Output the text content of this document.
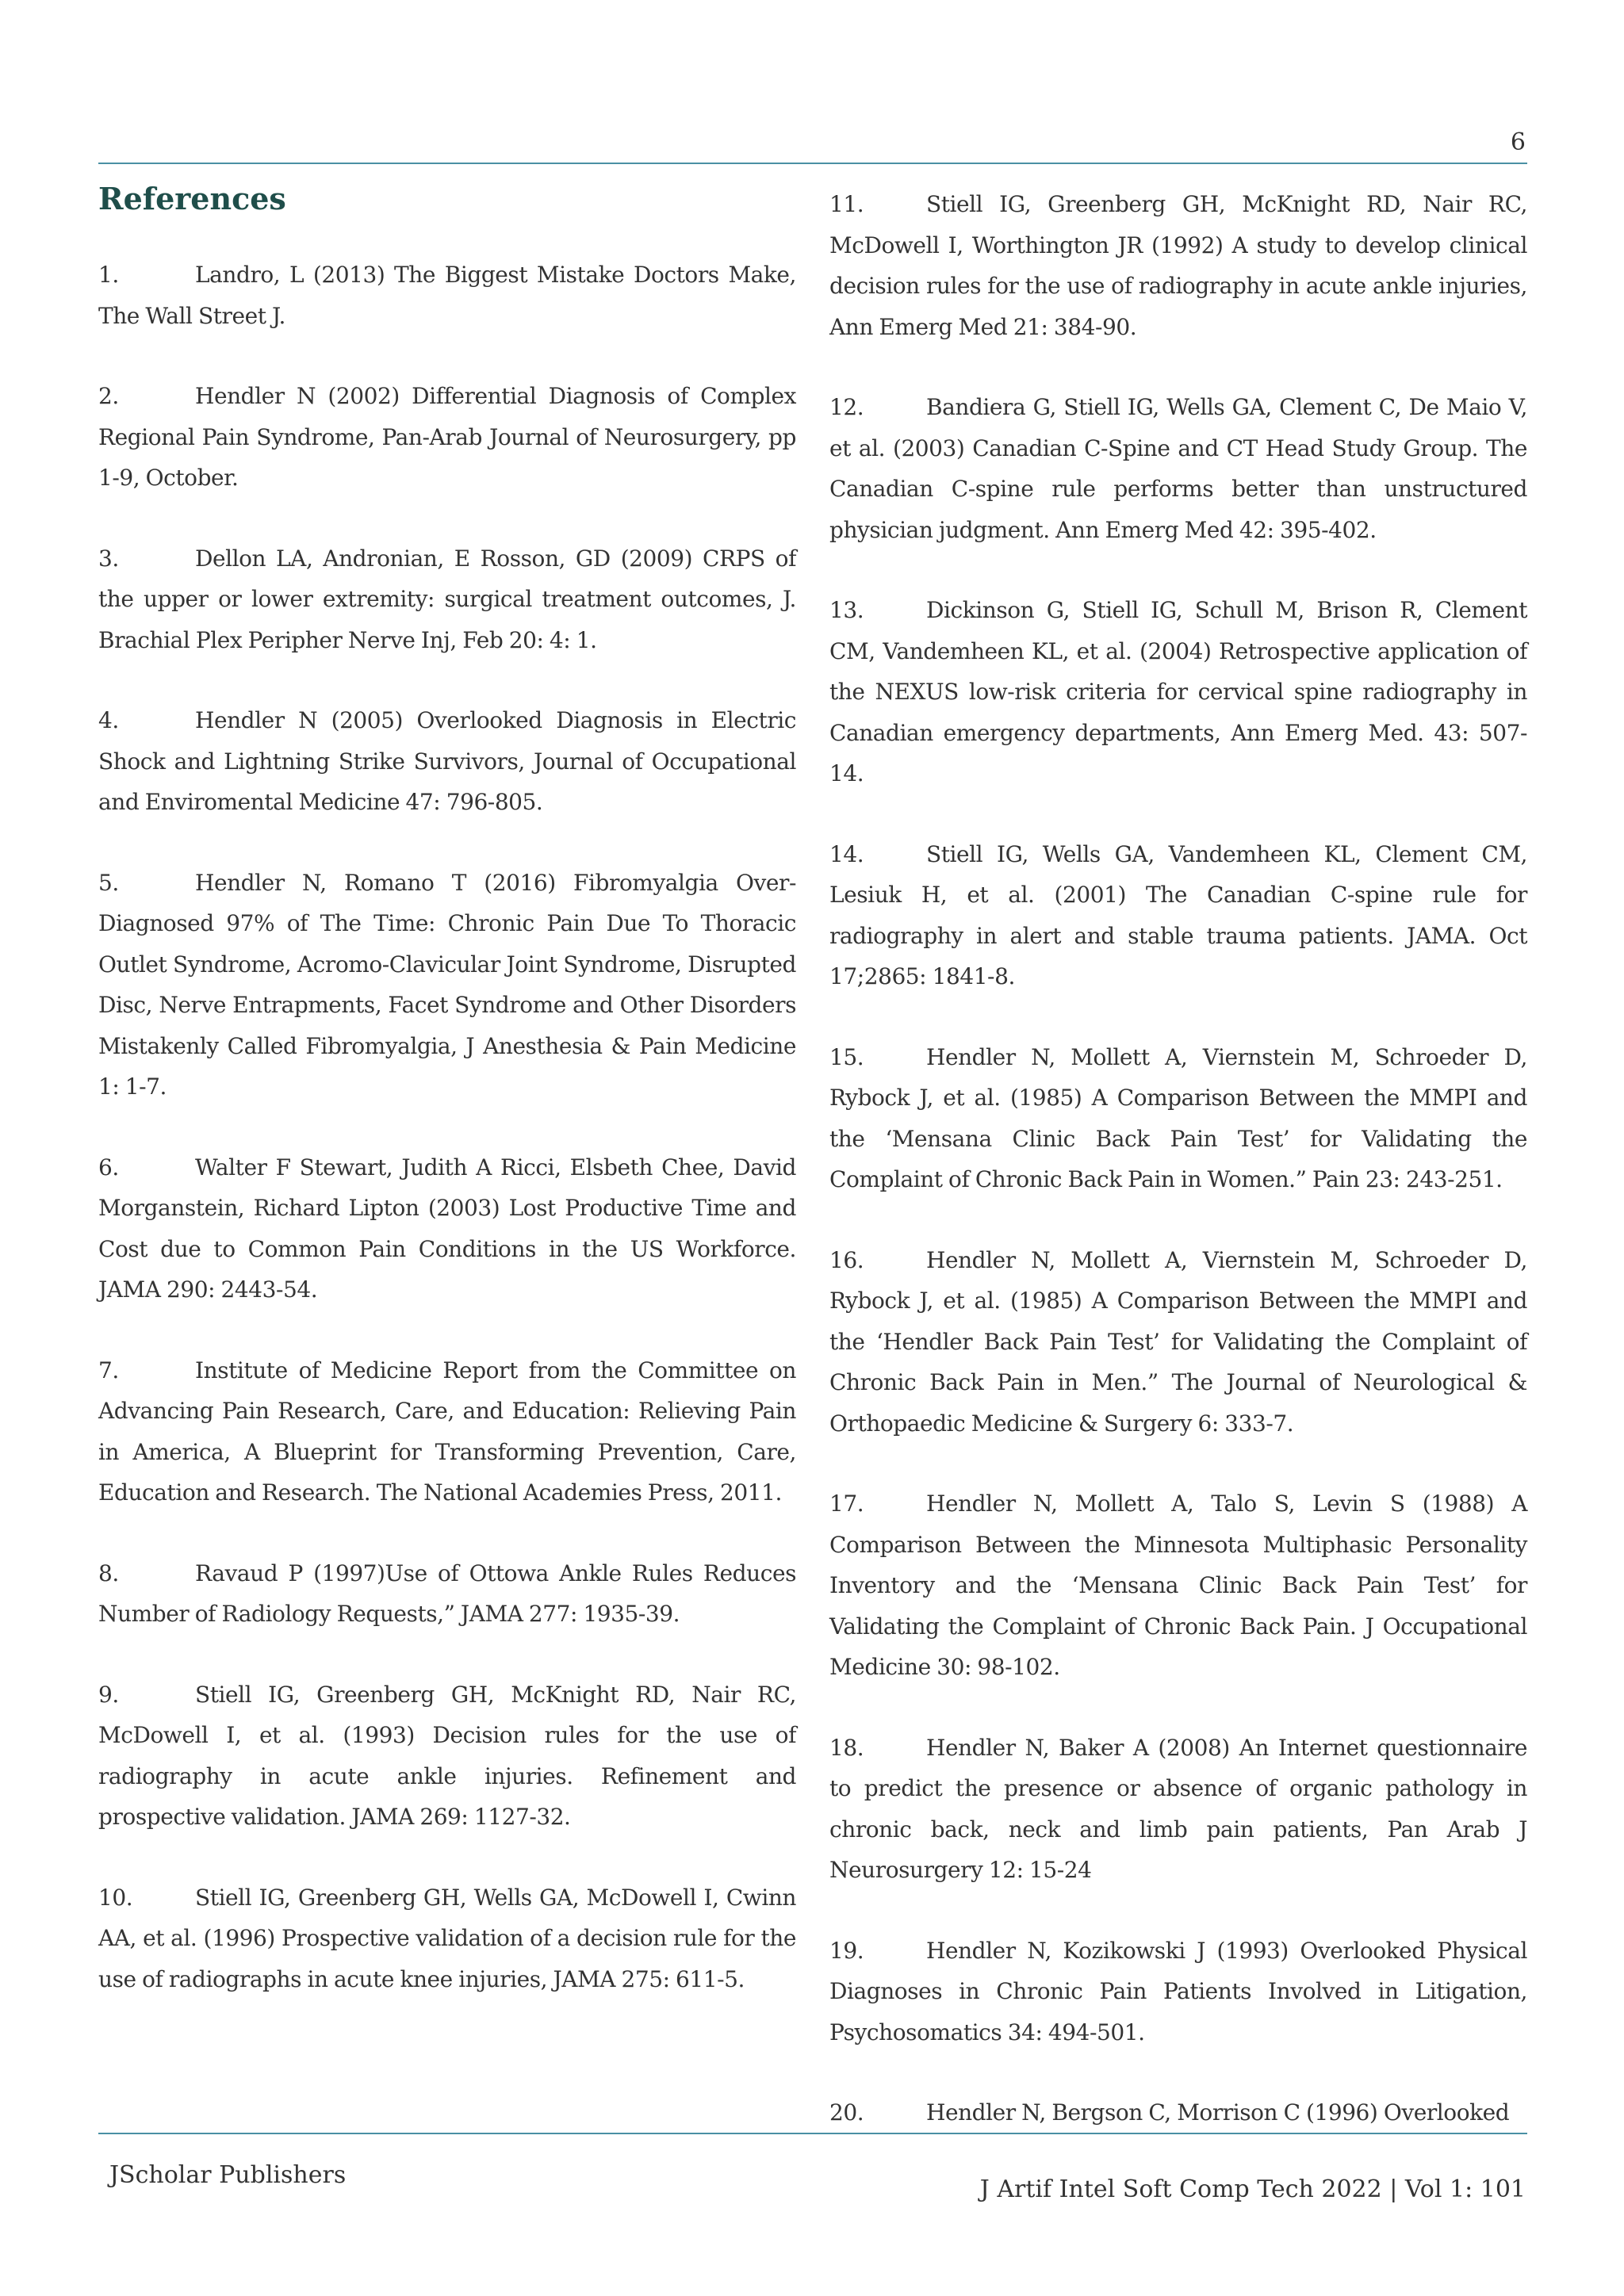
6
References

1.	Landro, L (2013) The Biggest Mistake Doctors Make, The Wall Street J.

2.	Hendler N (2002) Differential Diagnosis of Complex Regional Pain Syndrome, Pan-Arab Journal of Neurosurgery, pp 1-9, October.

3.	Dellon LA, Andronian, E Rosson, GD (2009) CRPS of the upper or lower extremity: surgical treatment outcomes, J. Brachial Plex Peripher Nerve Inj, Feb 20: 4: 1.

4.	Hendler N (2005) Overlooked Diagnosis in Electric Shock and Lightning Strike Survivors, Journal of Occupational and Enviromental Medicine 47: 796-805.

5.	Hendler N, Romano T (2016) Fibromyalgia Over-Diagnosed 97% of The Time: Chronic Pain Due To Thoracic Outlet Syndrome, Acromo-Clavicular Joint Syndrome, Disrupted Disc, Nerve Entrapments, Facet Syndrome and Other Disorders Mistakenly Called Fibromyalgia, J Anesthesia & Pain Medicine 1: 1-7.

6.	Walter F Stewart, Judith A Ricci, Elsbeth Chee, David Morganstein, Richard Lipton (2003) Lost Productive Time and Cost due to Common Pain Conditions in the US Workforce. JAMA 290: 2443-54.

7.	Institute of Medicine Report from the Committee on Advancing Pain Research, Care, and Education: Relieving Pain in America, A Blueprint for Transforming Prevention, Care, Education and Research. The National Academies Press, 2011.

8.	Ravaud P (1997)Use of Ottowa Ankle Rules Reduces Number of Radiology Requests,” JAMA 277: 1935-39.

9.	Stiell IG, Greenberg GH, McKnight RD, Nair RC, McDowell I, et al. (1993) Decision rules for the use of radiography in acute ankle injuries. Refinement and prospective validation. JAMA 269: 1127-32.

10.	Stiell IG, Greenberg GH, Wells GA, McDowell I, Cwinn AA, et al. (1996) Prospective validation of a decision rule for the use of radiographs in acute knee injuries, JAMA 275: 611-5.

11.	Stiell IG, Greenberg GH, McKnight RD, Nair RC, McDowell I, Worthington JR (1992) A study to develop clinical decision rules for the use of radiography in acute ankle injuries, Ann Emerg Med 21: 384-90.

12.	Bandiera G, Stiell IG, Wells GA, Clement C, De Maio V, et al. (2003) Canadian C-Spine and CT Head Study Group. The Canadian C-spine rule performs better than unstructured physician judgment. Ann Emerg Med 42: 395-402.

13.	Dickinson G, Stiell IG, Schull M, Brison R, Clement CM, Vandemheen KL, et al. (2004) Retrospective application of the NEXUS low-risk criteria for cervical spine radiography in Canadian emergency departments, Ann Emerg Med. 43: 507-14.

14.	Stiell IG, Wells GA, Vandemheen KL, Clement CM, Lesiuk H, et al. (2001) The Canadian C-spine rule for radiography in alert and stable trauma patients. JAMA. Oct 17;2865: 1841-8.

15.	Hendler N, Mollett A, Viernstein M, Schroeder D, Rybock J, et al. (1985) A Comparison Between the MMPI and the ‘Mensana Clinic Back Pain Test’ for Validating the Complaint of Chronic Back Pain in Women.” Pain 23: 243-251.

16.	Hendler N, Mollett A, Viernstein M, Schroeder D, Rybock J, et al. (1985) A Comparison Between the MMPI and the ‘Hendler Back Pain Test’ for Validating the Complaint of Chronic Back Pain in Men.” The Journal of Neurological & Orthopaedic Medicine & Surgery 6: 333-7.

17.	Hendler N, Mollett A, Talo S, Levin S (1988) A Comparison Between the Minnesota Multiphasic Personality Inventory and the ‘Mensana Clinic Back Pain Test’ for Validating the Complaint of Chronic Back Pain. J Occupational Medicine 30: 98-102.

18.	Hendler N, Baker A (2008) An Internet questionnaire to predict the presence or absence of organic pathology in chronic back, neck and limb pain patients, Pan Arab J Neurosurgery 12: 15-24

19.	Hendler N, Kozikowski J (1993) Overlooked Physical Diagnoses in Chronic Pain Patients Involved in Litigation, Psychosomatics 34: 494-501.

20.	Hendler N, Bergson C, Morrison C (1996) Overlooked

JScholar Publishers
J Artif Intel Soft Comp Tech 2022 | Vol 1: 101
